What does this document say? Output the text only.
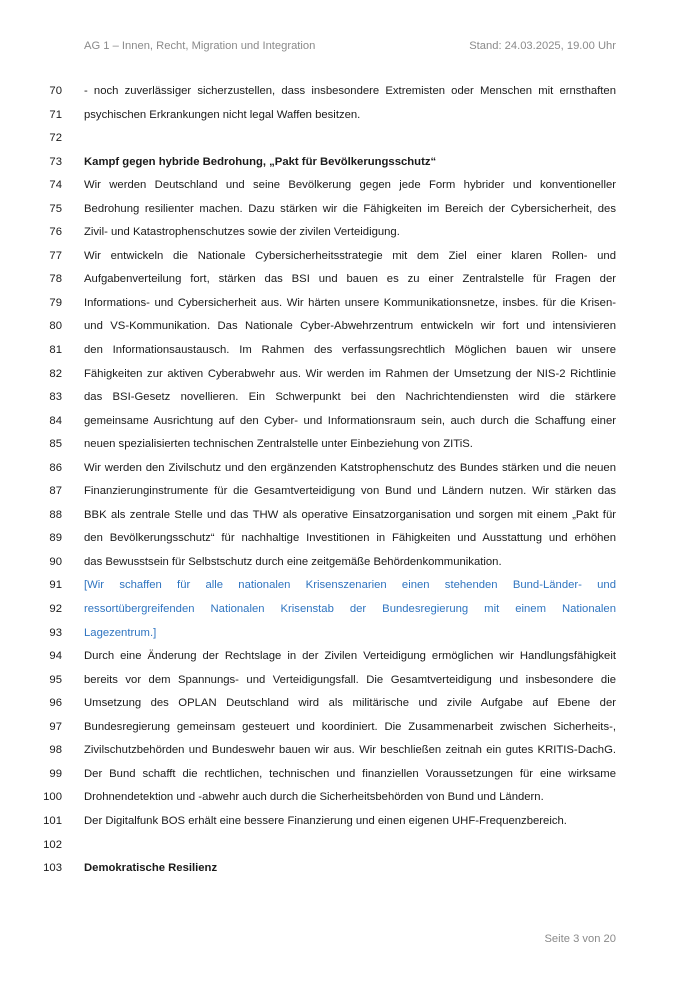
AG 1 – Innen, Recht, Migration und Integration	Stand: 24.03.2025, 19.00 Uhr
70 - noch zuverlässiger sicherzustellen, dass insbesondere Extremisten oder Menschen mit ernsthaften
71 psychischen Erkrankungen nicht legal Waffen besitzen.
72
73 Kampf gegen hybride Bedrohung, „Pakt für Bevölkerungsschutz“
74 Wir werden Deutschland und seine Bevölkerung gegen jede Form hybrider und konventioneller
75 Bedrohung resilienter machen. Dazu stärken wir die Fähigkeiten im Bereich der Cybersicherheit, des
76 Zivil- und Katastrophenschutzes sowie der zivilen Verteidigung.
77 Wir entwickeln die Nationale Cybersicherheitsstrategie mit dem Ziel einer klaren Rollen- und
78 Aufgabenverteilung fort, stärken das BSI und bauen es zu einer Zentralstelle für Fragen der
79 Informations- und Cybersicherheit aus. Wir härten unsere Kommunikationsnetze, insbes. für die Krisen-
80 und VS-Kommunikation. Das Nationale Cyber-Abwehrzentrum entwickeln wir fort und intensivieren
81 den Informationsaustausch. Im Rahmen des verfassungsrechtlich Möglichen bauen wir unsere
82 Fähigkeiten zur aktiven Cyberabwehr aus. Wir werden im Rahmen der Umsetzung der NIS-2 Richtlinie
83 das BSI-Gesetz novellieren. Ein Schwerpunkt bei den Nachrichtendiensten wird die stärkere
84 gemeinsame Ausrichtung auf den Cyber- und Informationsraum sein, auch durch die Schaffung einer
85 neuen spezialisierten technischen Zentralstelle unter Einbeziehung von ZITiS.
86 Wir werden den Zivilschutz und den ergänzenden Katstrophenschutz des Bundes stärken und die neuen
87 Finanzierunginstrumente für die Gesamtverteidigung von Bund und Ländern nutzen. Wir stärken das
88 BBK als zentrale Stelle und das THW als operative Einsatzorganisation und sorgen mit einem „Pakt für
89 den Bevölkerungsschutz“ für nachhaltige Investitionen in Fähigkeiten und Ausstattung und erhöhen
90 das Bewusstsein für Selbstschutz durch eine zeitgemäße Behördenkommunikation.
91 [Wir schaffen für alle nationalen Krisenszenarien einen stehenden Bund-Länder- und
92 ressortübergreifenden Nationalen Krisenstab der Bundesregierung mit einem Nationalen
93 Lagezentrum.]
94 Durch eine Änderung der Rechtslage in der Zivilen Verteidigung ermöglichen wir Handlungsfähigkeit
95 bereits vor dem Spannungs- und Verteidigungsfall. Die Gesamtverteidigung und insbesondere die
96 Umsetzung des OPLAN Deutschland wird als militärische und zivile Aufgabe auf Ebene der
97 Bundesregierung gemeinsam gesteuert und koordiniert. Die Zusammenarbeit zwischen Sicherheits-,
98 Zivilschutzbehörden und Bundeswehr bauen wir aus. Wir beschließen zeitnah ein gutes KRITIS-DachG.
99 Der Bund schafft die rechtlichen, technischen und finanziellen Voraussetzungen für eine wirksame
100 Drohnendetektion und -abwehr auch durch die Sicherheitsbehörden von Bund und Ländern.
101 Der Digitalfunk BOS erhält eine bessere Finanzierung und einen eigenen UHF-Frequenzbereich.
102
103 Demokratische Resilienz
Seite 3 von 20
